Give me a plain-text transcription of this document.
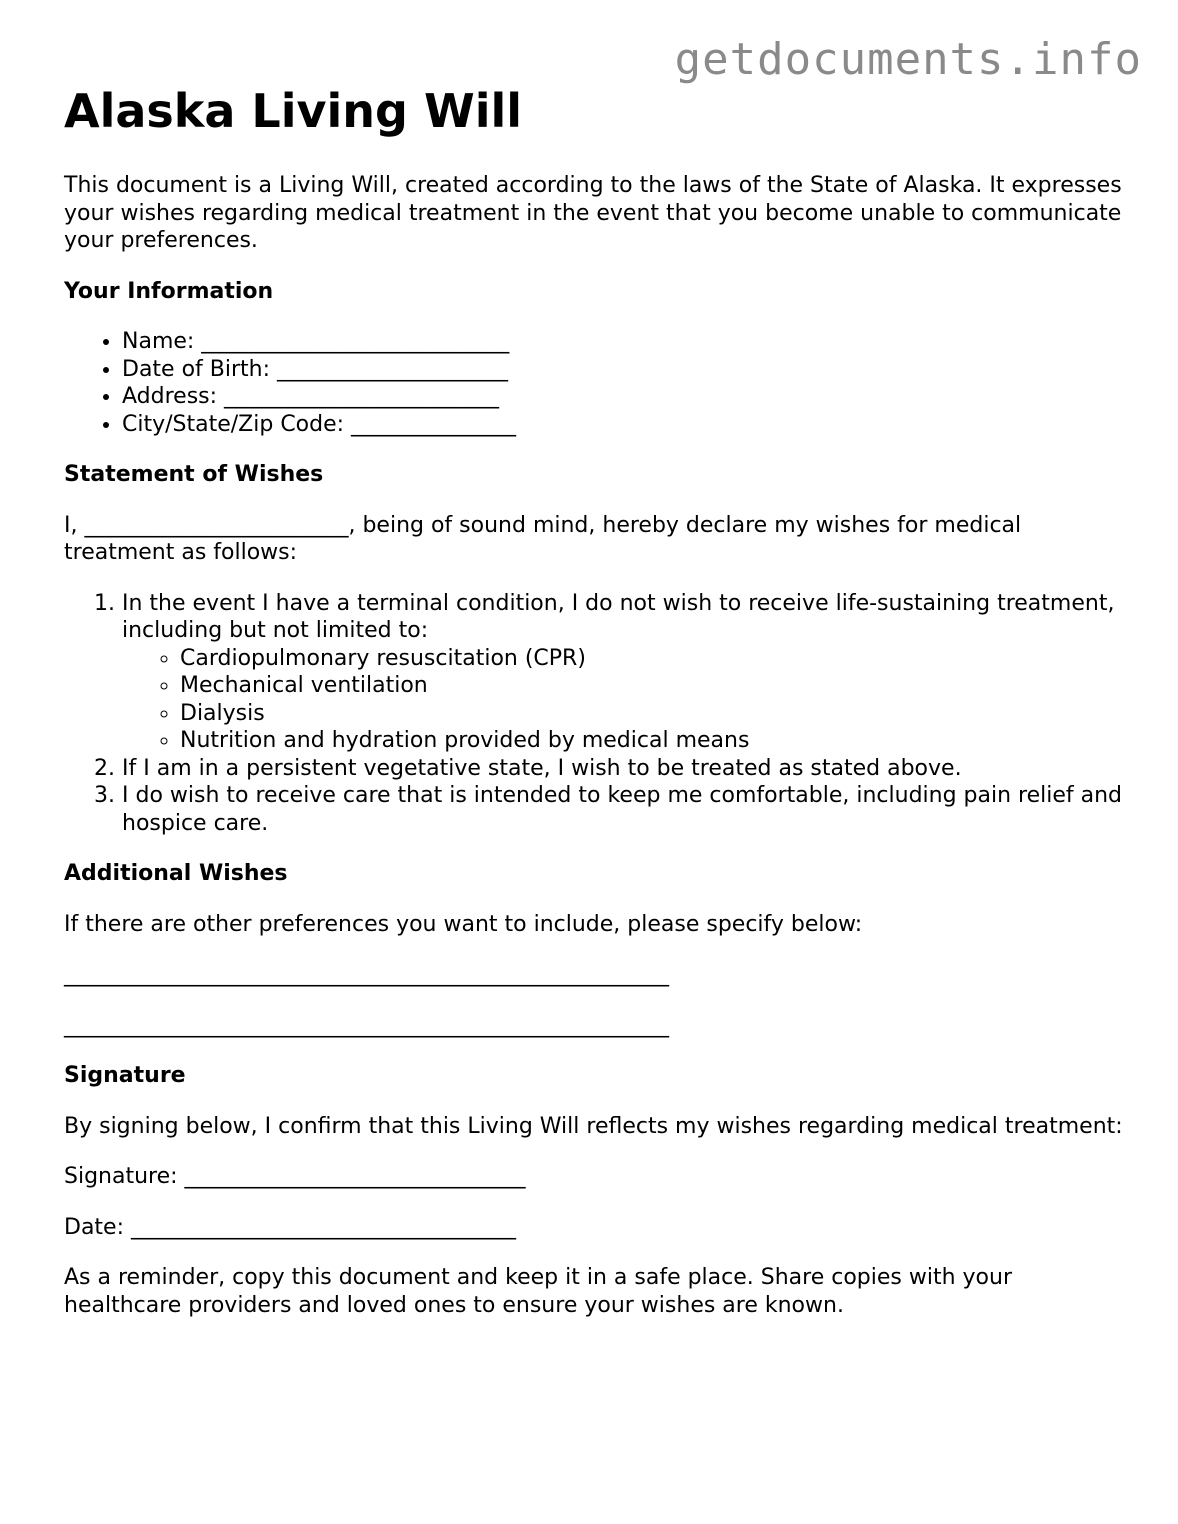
getdocuments.info
Alaska Living Will

This document is a Living Will, created according to the laws of the State of Alaska. It expresses your wishes regarding medical treatment in the event that you become unable to communicate your preferences.

Your Information
• Name: ____________________________
• Date of Birth: _____________________
• Address: _________________________
• City/State/Zip Code: _______________
Statement of Wishes

I, ________________________, being of sound mind, hereby declare my wishes for medical treatment as follows:

1. In the event I have a terminal condition, I do not wish to receive life-sustaining treatment, including but not limited to:
◦ Cardiopulmonary resuscitation (CPR)
◦ Mechanical ventilation
◦ Dialysis
◦ Nutrition and hydration provided by medical means
2. If I am in a persistent vegetative state, I wish to be treated as stated above.
3. I do wish to receive care that is intended to keep me comfortable, including pain relief and hospice care.
Additional Wishes

If there are other preferences you want to include, please specify below:

_______________________________________________________
_______________________________________________________
Signature

By signing below, I confirm that this Living Will reflects my wishes regarding medical treatment:

Signature: _______________________________

Date: ___________________________________

As a reminder, copy this document and keep it in a safe place. Share copies with your healthcare providers and loved ones to ensure your wishes are known.
